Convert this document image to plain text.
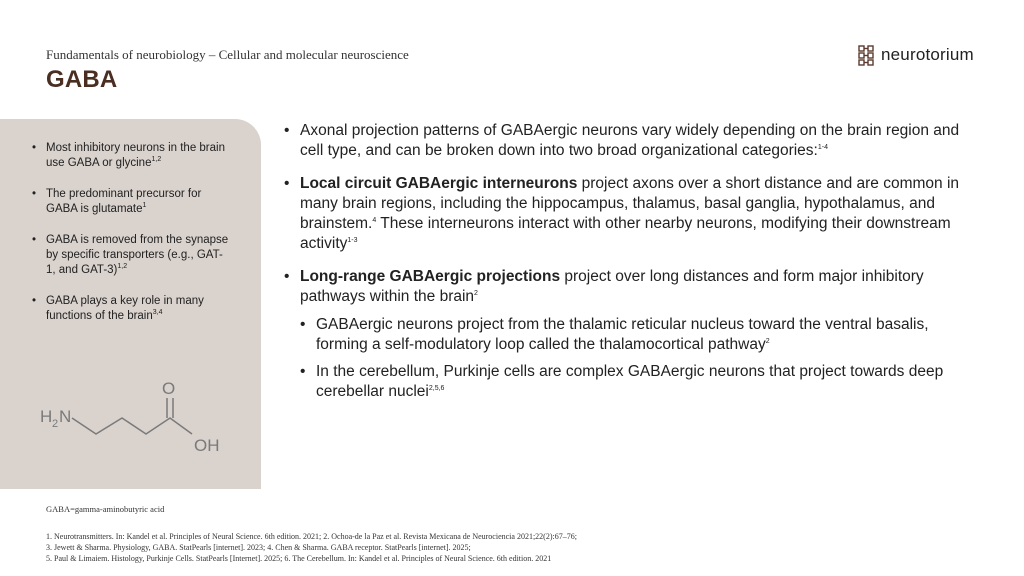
Fundamentals of neurobiology – Cellular and molecular neuroscience
GABA
neurotorium
• Most inhibitory neurons in the brain use GABA or glycine$^{1,2}$
• The predominant precursor for GABA is glutamate$^1$
• GABA is removed from the synapse by specific transporters (e.g., GAT-1, and GAT-3)$^{1,2}$
• GABA plays a key role in many functions of the brain$^{3,4}$
H 2 N
O
OH
• Axonal projection patterns of GABAergic neurons vary widely depending on the brain region and cell type, and can be broken down into two broad organizational categories:$^{1-4}$
• Local circuit GABAergic interneurons project axons over a short distance and are common in many brain regions, including the hippocampus, thalamus, basal ganglia, hypothalamus, and brainstem.$^4$ These interneurons interact with other nearby neurons, modifying their downstream activity$^{1-3}$
• Long-range GABAergic projections project over long distances and form major inhibitory pathways within the brain$^2$
• GABAergic neurons project from the thalamic reticular nucleus toward the ventral basalis, forming a self-modulatory loop called the thalamocortical pathway$^2$
• In the cerebellum, Purkinje cells are complex GABAergic neurons that project towards deep cerebellar nuclei$^{2,5,6}$
GABA=gamma-aminobutyric acid
1. Neurotransmitters. In: Kandel et al. Principles of Neural Science. 6th edition. 2021; 2. Ochoa-de la Paz et al. Revista Mexicana de Neurociencia 2021;22(2):67–76;
3. Jewett & Sharma. Physiology, GABA. StatPearls [internet]. 2023; 4. Chen & Sharma. GABA receptor. StatPearls [internet]. 2025;
5. Paul & Limaiem. Histology, Purkinje Cells. StatPearls [Internet]. 2025; 6. The Cerebellum. In: Kandel et al. Principles of Neural Science. 6th edition. 2021
